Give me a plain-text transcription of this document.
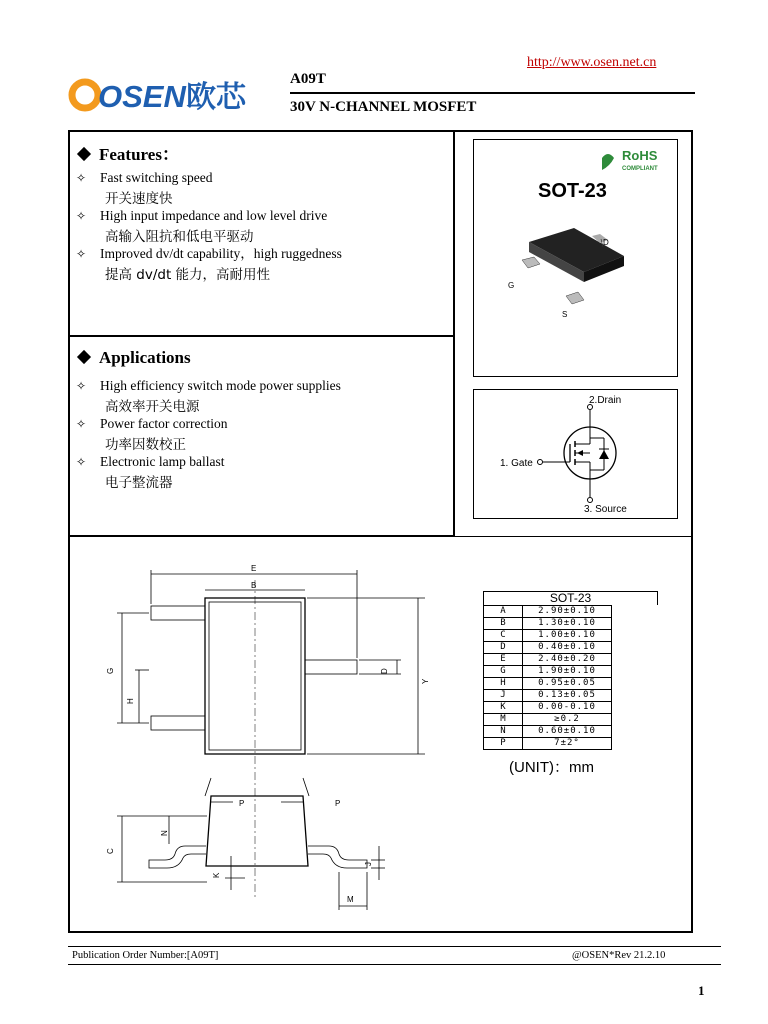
http://www.osen.net.cn
OSEN 欧芯
A09T
30V N-CHANNEL MOSFET
Features：
✧ Fast switching speed
开关速度快
✧ High input impedance and low level drive
高输入阻抗和低电平驱动
✧ Improved dv/dt capability，high ruggedness
提高 dv/dt 能力，高耐用性
Applications
✧ High efficiency switch mode power supplies
高效率开关电源
✧ Power factor correction
功率因数校正
✧ Electronic lamp ballast
电子整流器
RoHS
COMPLIANT
SOT-23
D
G
S
2.Drain
1. Gate
3. Source
E
B
G
H
D
Y
P	P
N
C
K
J
M
SOT-23
A	2.90±0.10
B	1.30±0.10
C	1.00±0.10
D	0.40±0.10
E	2.40±0.20
G	1.90±0.10
H	0.95±0.05
J	0.13±0.05
K	0.00-0.10
M	≥0.2
N	0.60±0.10
P	7±2°
(UNIT)：mm
Publication Order Number:[A09T]	@OSEN*Rev 21.2.10
1
